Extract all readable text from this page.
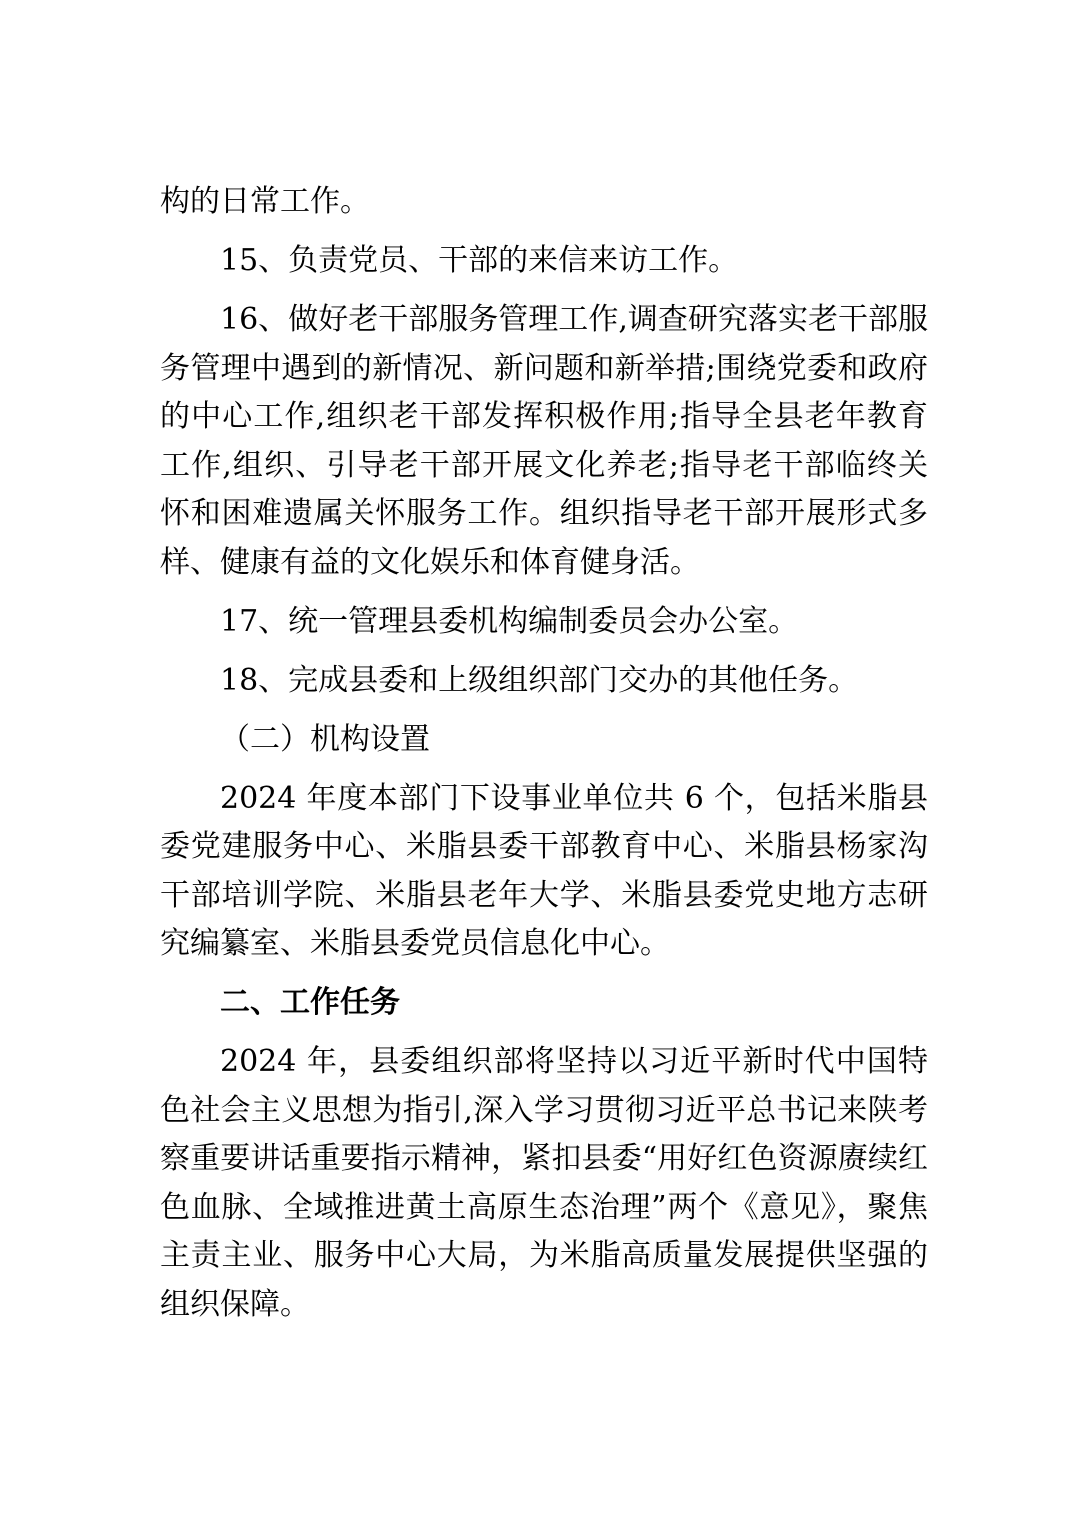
构的日常工作。

15、负责党员、干部的来信来访工作。

16、做好老干部服务管理工作,调查研究落实老干部服务管理中遇到的新情况、新问题和新举措;围绕党委和政府的中心工作,组织老干部发挥积极作用;指导全县老年教育工作,组织、引导老干部开展文化养老;指导老干部临终关怀和困难遗属关怀服务工作。组织指导老干部开展形式多样、健康有益的文化娱乐和体育健身活。

17、统一管理县委机构编制委员会办公室。

18、完成县委和上级组织部门交办的其他任务。

（二）机构设置

2024 年度本部门下设事业单位共 6 个，包括米脂县委党建服务中心、米脂县委干部教育中心、米脂县杨家沟干部培训学院、米脂县老年大学、米脂县委党史地方志研究编纂室、米脂县委党员信息化中心。

二、工作任务

2024 年，县委组织部将坚持以习近平新时代中国特色社会主义思想为指引,深入学习贯彻习近平总书记来陕考察重要讲话重要指示精神，紧扣县委“用好红色资源赓续红色血脉、全域推进黄土高原生态治理”两个《意见》，聚焦主责主业、服务中心大局，为米脂高质量发展提供坚强的组织保障。
